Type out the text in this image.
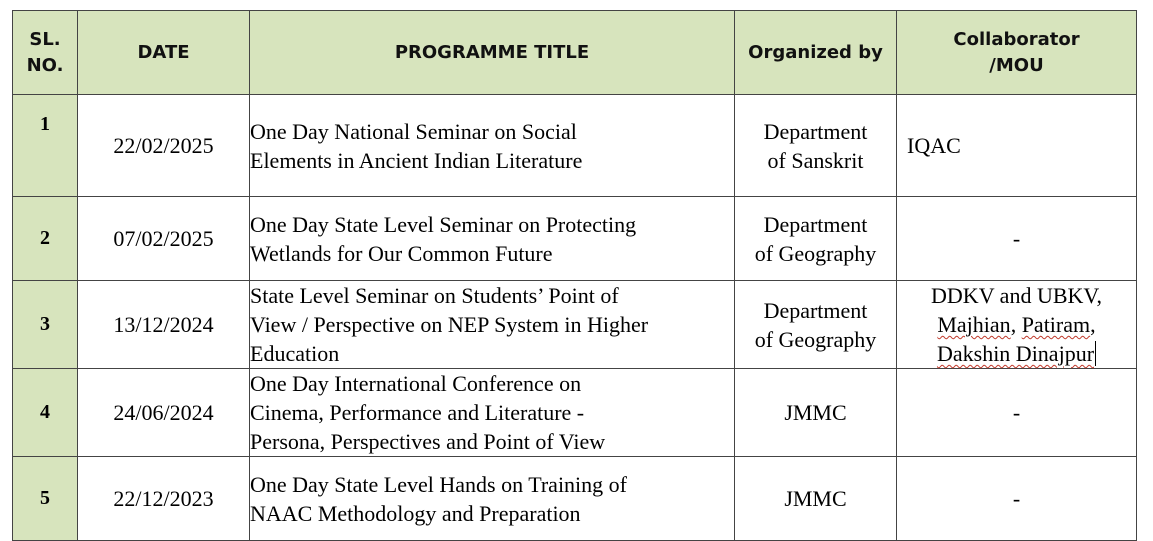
SL.
NO.	DATE	PROGRAMME TITLE	Organized by	Collaborator
/MOU

1	22/02/2025	One Day National Seminar on Social
Elements in Ancient Indian Literature	Department
of Sanskrit	IQAC
2	07/02/2025	One Day State Level Seminar on Protecting
Wetlands for Our Common Future	Department
of Geography	-
3	13/12/2024	State Level Seminar on Students’ Point of
View / Perspective on NEP System in Higher
Education	Department
of Geography	DDKV and UBKV,
Majhian, Patiram,
Dakshin Dinajpur

4	24/06/2024	One Day International Conference on
Cinema, Performance and Literature -
Persona, Perspectives and Point of View	JMMC	-
5	22/12/2023	One Day State Level Hands on Training of
NAAC Methodology and Preparation	JMMC	-
